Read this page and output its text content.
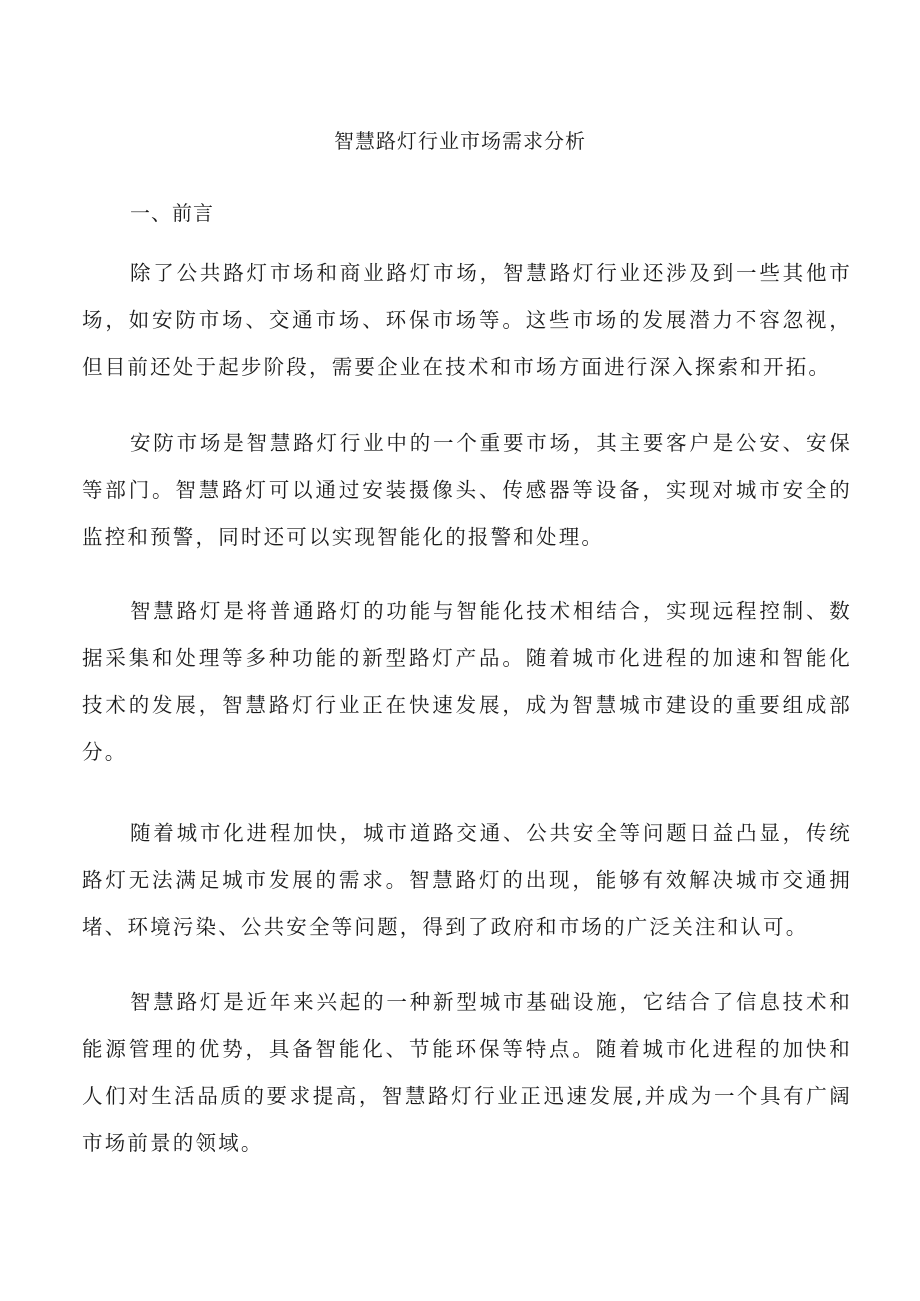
智慧路灯行业市场需求分析
一、前言

除了公共路灯市场和商业路灯市场，智慧路灯行业还涉及到一些其他市场，如安防市场、交通市场、环保市场等。这些市场的发展潜力不容忽视，但目前还处于起步阶段，需要企业在技术和市场方面进行深入探索和开拓。

安防市场是智慧路灯行业中的一个重要市场，其主要客户是公安、安保等部门。智慧路灯可以通过安装摄像头、传感器等设备，实现对城市安全的监控和预警，同时还可以实现智能化的报警和处理。

智慧路灯是将普通路灯的功能与智能化技术相结合，实现远程控制、数据采集和处理等多种功能的新型路灯产品。随着城市化进程的加速和智能化技术的发展，智慧路灯行业正在快速发展，成为智慧城市建设的重要组成部分。

随着城市化进程加快，城市道路交通、公共安全等问题日益凸显，传统路灯无法满足城市发展的需求。智慧路灯的出现，能够有效解决城市交通拥堵、环境污染、公共安全等问题，得到了政府和市场的广泛关注和认可。

智慧路灯是近年来兴起的一种新型城市基础设施，它结合了信息技术和能源管理的优势，具备智能化、节能环保等特点。随着城市化进程的加快和人们对生活品质的要求提高，智慧路灯行业正迅速发展,并成为一个具有广阔市场前景的领域。
